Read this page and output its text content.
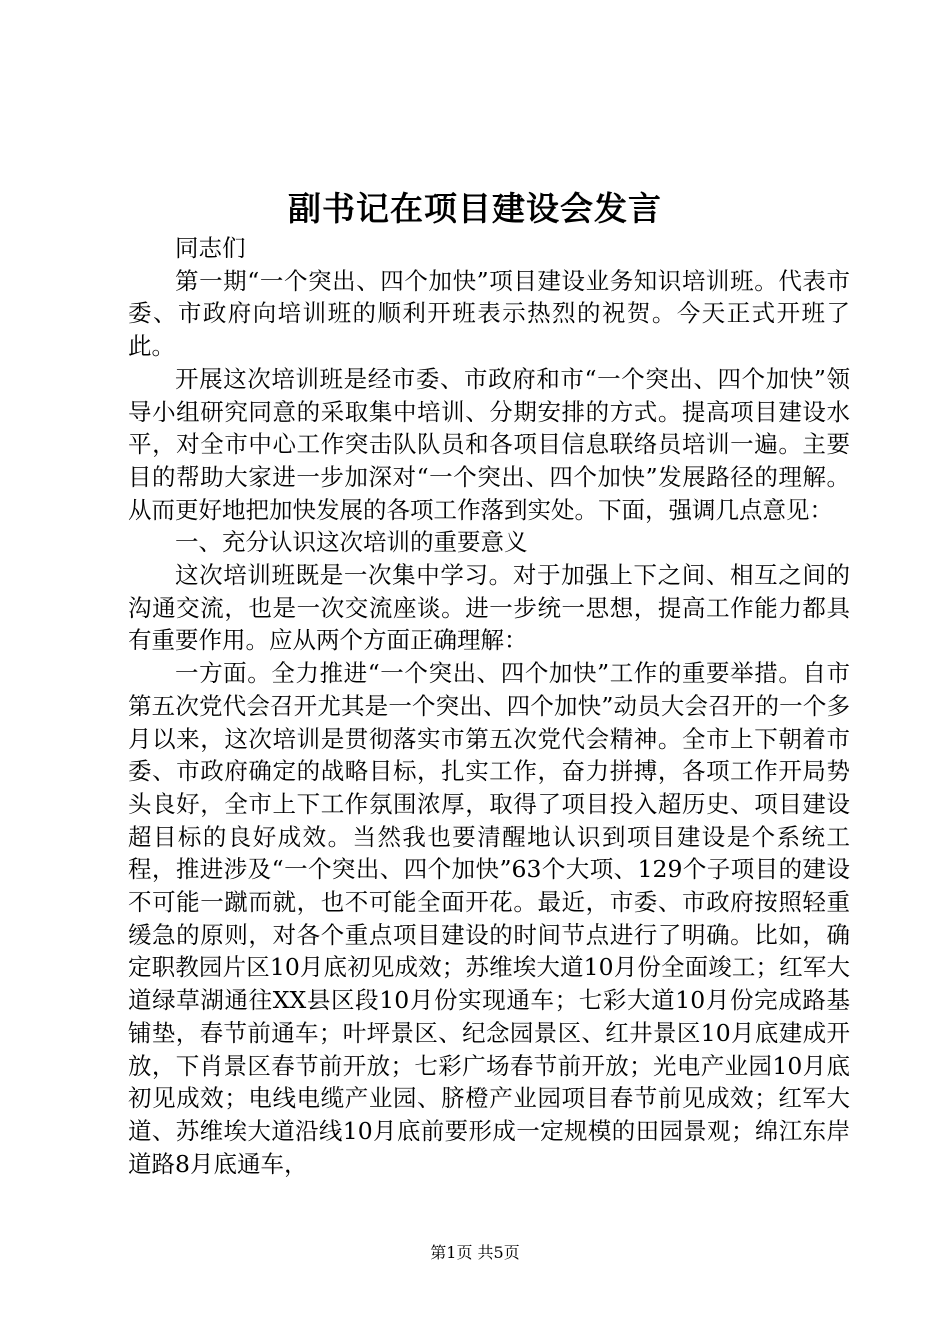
副书记在项目建设会发言

同志们

第一期“一个突出、四个加快”项目建设业务知识培训班。代表市委、市政府向培训班的顺利开班表示热烈的祝贺。今天正式开班了此。

开展这次培训班是经市委、市政府和市“一个突出、四个加快”领导小组研究同意的采取集中培训、分期安排的方式。提高项目建设水平，对全市中心工作突击队队员和各项目信息联络员培训一遍。主要目的帮助大家进一步加深对“一个突出、四个加快”发展路径的理解。从而更好地把加快发展的各项工作落到实处。下面，强调几点意见：

一、充分认识这次培训的重要意义

这次培训班既是一次集中学习。对于加强上下之间、相互之间的沟通交流，也是一次交流座谈。进一步统一思想，提高工作能力都具有重要作用。应从两个方面正确理解：

一方面。全力推进“一个突出、四个加快”工作的重要举措。自市第五次党代会召开尤其是一个突出、四个加快”动员大会召开的一个多月以来，这次培训是贯彻落实市第五次党代会精神。全市上下朝着市委、市政府确定的战略目标，扎实工作，奋力拼搏，各项工作开局势头良好，全市上下工作氛围浓厚，取得了项目投入超历史、项目建设超目标的良好成效。当然我也要清醒地认识到项目建设是个系统工程，推进涉及“一个突出、四个加快”63个大项、129个子项目的建设不可能一蹴而就，也不可能全面开花。最近，市委、市政府按照轻重缓急的原则，对各个重点项目建设的时间节点进行了明确。比如，确定职教园片区10月底初见成效；苏维埃大道10月份全面竣工；红军大道绿草湖通往XX县区段10月份实现通车；七彩大道10月份完成路基铺垫，春节前通车；叶坪景区、纪念园景区、红井景区10月底建成开放，下肖景区春节前开放；七彩广场春节前开放；光电产业园10月底初见成效；电线电缆产业园、脐橙产业园项目春节前见成效；红军大道、苏维埃大道沿线10月底前要形成一定规模的田园景观；绵江东岸道路8月底通车，

第1页 共5页
